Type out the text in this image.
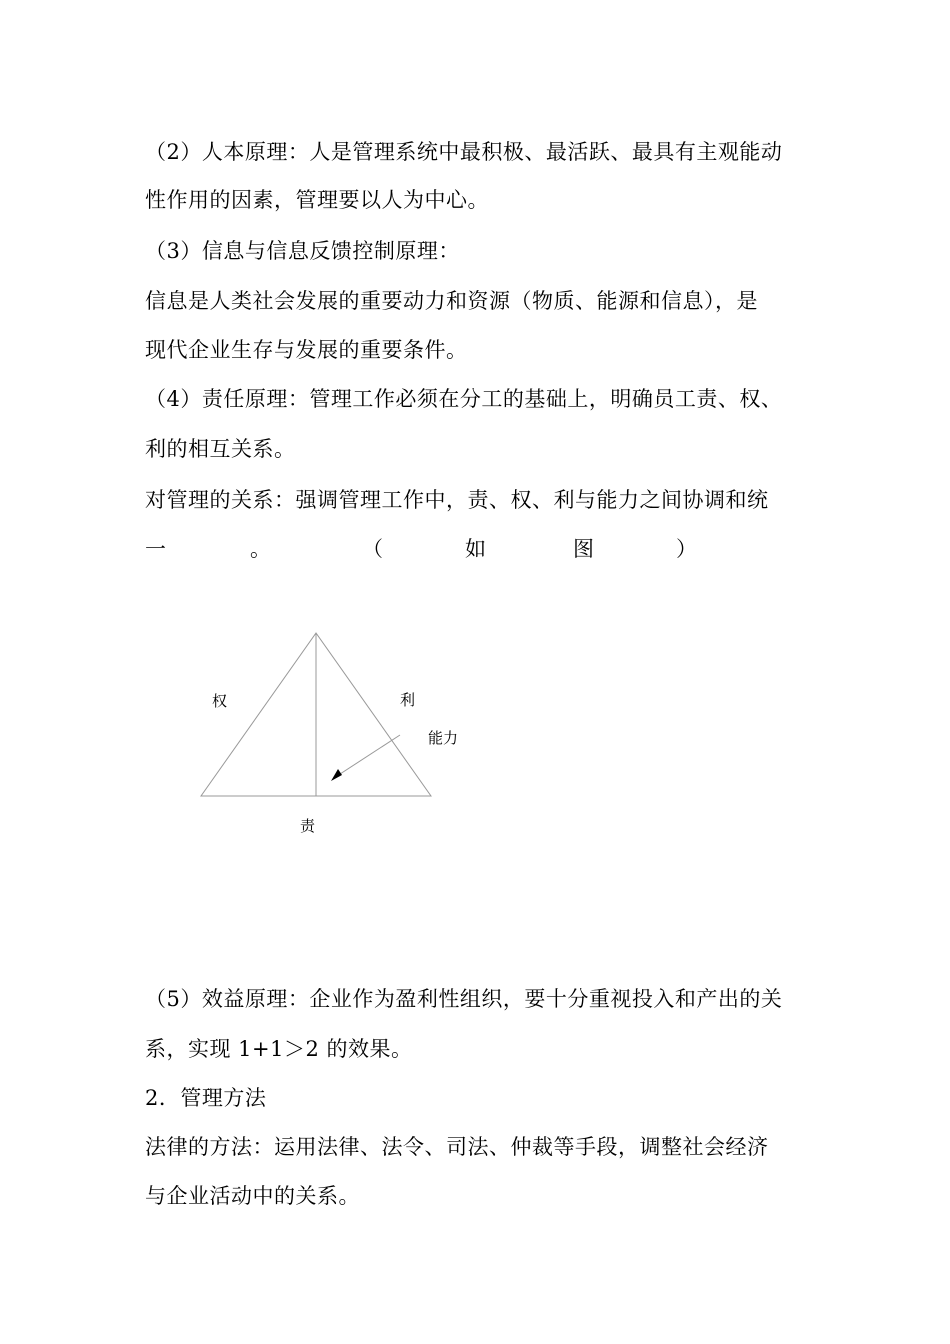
（2）人本原理：人是管理系统中最积极、最活跃、最具有主观能动
性作用的因素，管理要以人为中心。
（3）信息与信息反馈控制原理：
信息是人类社会发展的重要动力和资源（物质、能源和信息），是
现代企业生存与发展的重要条件。
（4）责任原理：管理工作必须在分工的基础上，明确员工责、权、
利的相互关系。
对管理的关系：强调管理工作中，责、权、利与能力之间协调和统
一	。	（	如	图	）
权	利
能力
责
（5）效益原理：企业作为盈利性组织，要十分重视投入和产出的关
系，实现 1+1＞2 的效果。
2．管理方法
法律的方法：运用法律、法令、司法、仲裁等手段，调整社会经济
与企业活动中的关系。
